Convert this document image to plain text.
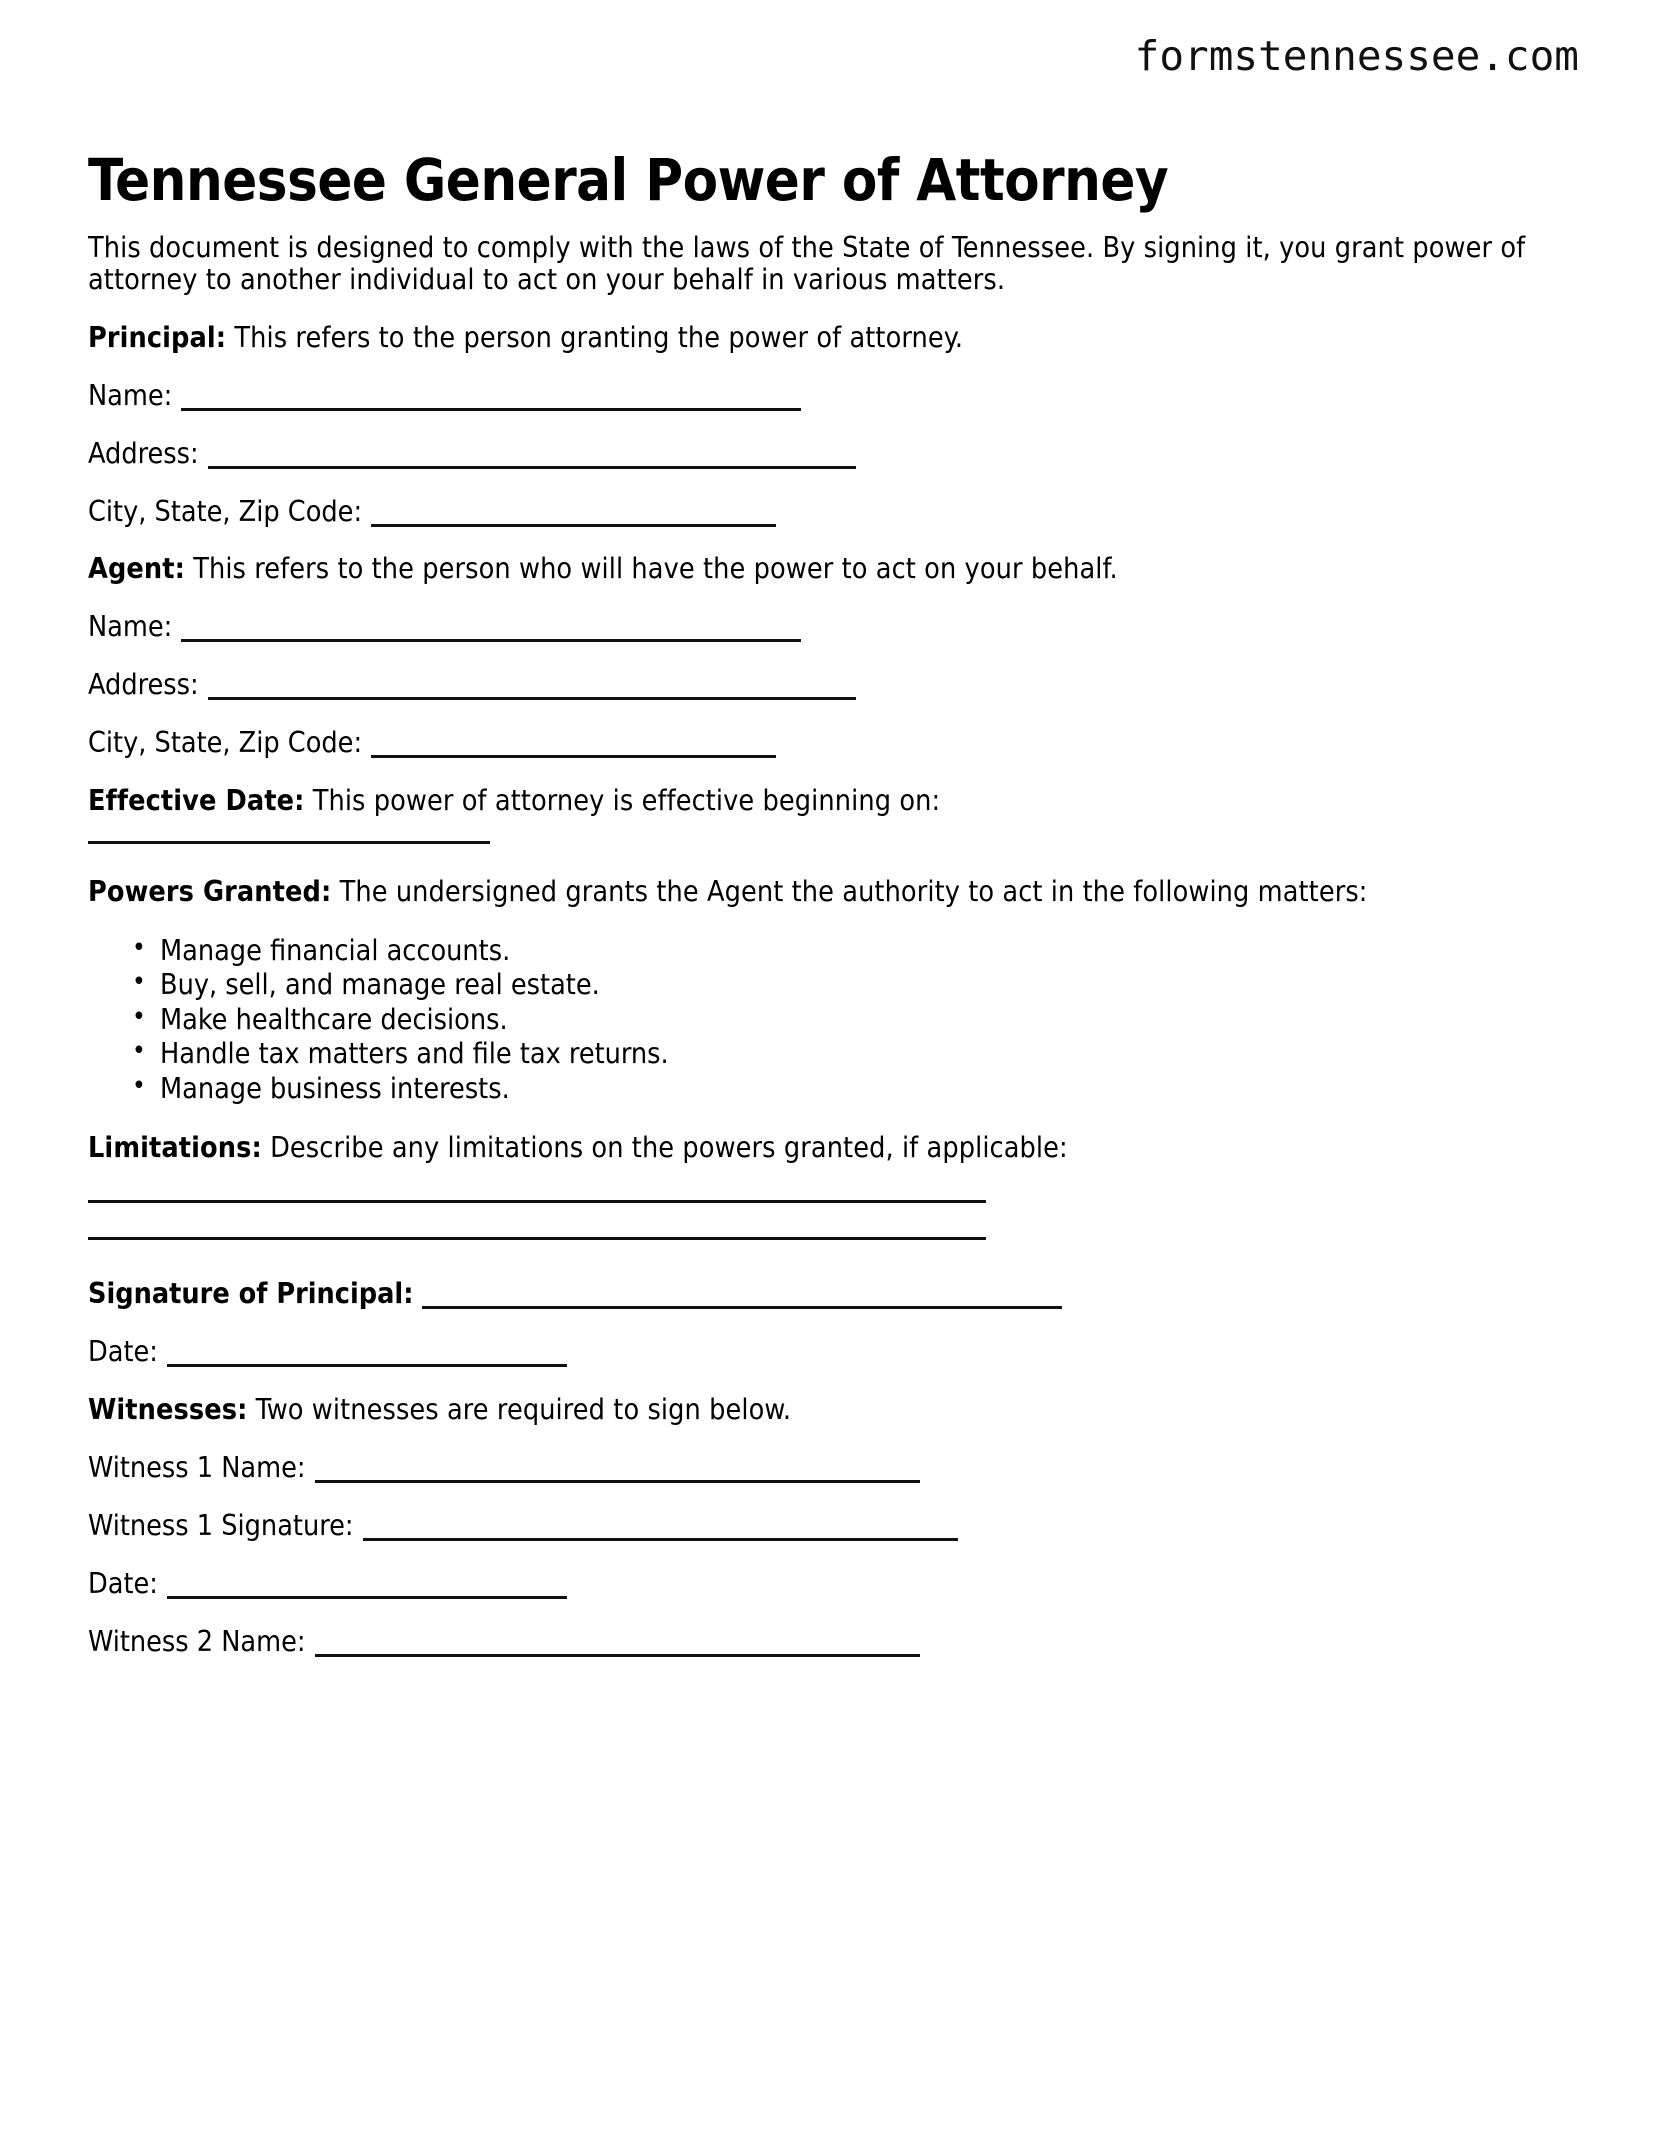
formstennessee.com
Tennessee General Power of Attorney

This document is designed to comply with the laws of the State of Tennessee. By signing it, you grant power of attorney to another individual to act on your behalf in various matters.

Principal: This refers to the person granting the power of attorney.

Name:
Address:
City, State, Zip Code:

Agent: This refers to the person who will have the power to act on your behalf.

Name:
Address:
City, State, Zip Code:

Effective Date: This power of attorney is effective beginning on:

Powers Granted: The undersigned grants the Agent the authority to act in the following matters:

• Manage financial accounts.
• Buy, sell, and manage real estate.
• Make healthcare decisions.
• Handle tax matters and file tax returns.
• Manage business interests.

Limitations: Describe any limitations on the powers granted, if applicable:

Signature of Principal:
Date:

Witnesses: Two witnesses are required to sign below.

Witness 1 Name:
Witness 1 Signature:
Date:
Witness 2 Name:
